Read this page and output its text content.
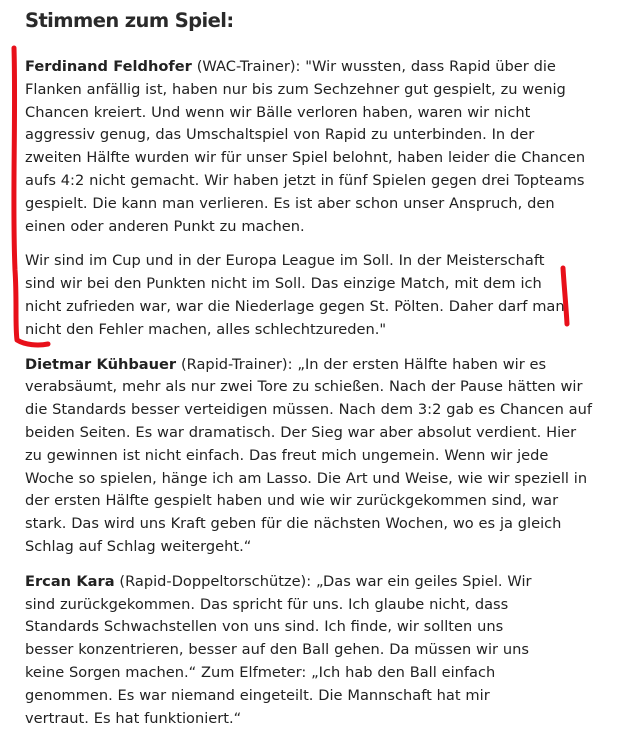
Stimmen zum Spiel:

Ferdinand Feldhofer (WAC-Trainer): "Wir wussten, dass Rapid über die Flanken anfällig ist, haben nur bis zum Sechzehner gut gespielt, zu wenig Chancen kreiert. Und wenn wir Bälle verloren haben, waren wir nicht aggressiv genug, das Umschaltspiel von Rapid zu unterbinden. In der zweiten Hälfte wurden wir für unser Spiel belohnt, haben leider die Chancen aufs 4:2 nicht gemacht. Wir haben jetzt in fünf Spielen gegen drei Topteams gespielt. Die kann man verlieren. Es ist aber schon unser Anspruch, den einen oder anderen Punkt zu machen.

Wir sind im Cup und in der Europa League im Soll. In der Meisterschaft sind wir bei den Punkten nicht im Soll. Das einzige Match, mit dem ich nicht zufrieden war, war die Niederlage gegen St. Pölten. Daher darf man nicht den Fehler machen, alles schlechtzureden."

Dietmar Kühbauer (Rapid-Trainer): „In der ersten Hälfte haben wir es verabsäumt, mehr als nur zwei Tore zu schießen. Nach der Pause hätten wir die Standards besser verteidigen müssen. Nach dem 3:2 gab es Chancen auf beiden Seiten. Es war dramatisch. Der Sieg war aber absolut verdient. Hier zu gewinnen ist nicht einfach. Das freut mich ungemein. Wenn wir jede Woche so spielen, hänge ich am Lasso. Die Art und Weise, wie wir speziell in der ersten Hälfte gespielt haben und wie wir zurückgekommen sind, war stark. Das wird uns Kraft geben für die nächsten Wochen, wo es ja gleich Schlag auf Schlag weitergeht.“

Ercan Kara (Rapid-Doppeltorschütze): „Das war ein geiles Spiel. Wir sind zurückgekommen. Das spricht für uns. Ich glaube nicht, dass Standards Schwachstellen von uns sind. Ich finde, wir sollten uns besser konzentrieren, besser auf den Ball gehen. Da müssen wir uns keine Sorgen machen.“ Zum Elfmeter: „Ich hab den Ball einfach genommen. Es war niemand eingeteilt. Die Mannschaft hat mir vertraut. Es hat funktioniert.“
